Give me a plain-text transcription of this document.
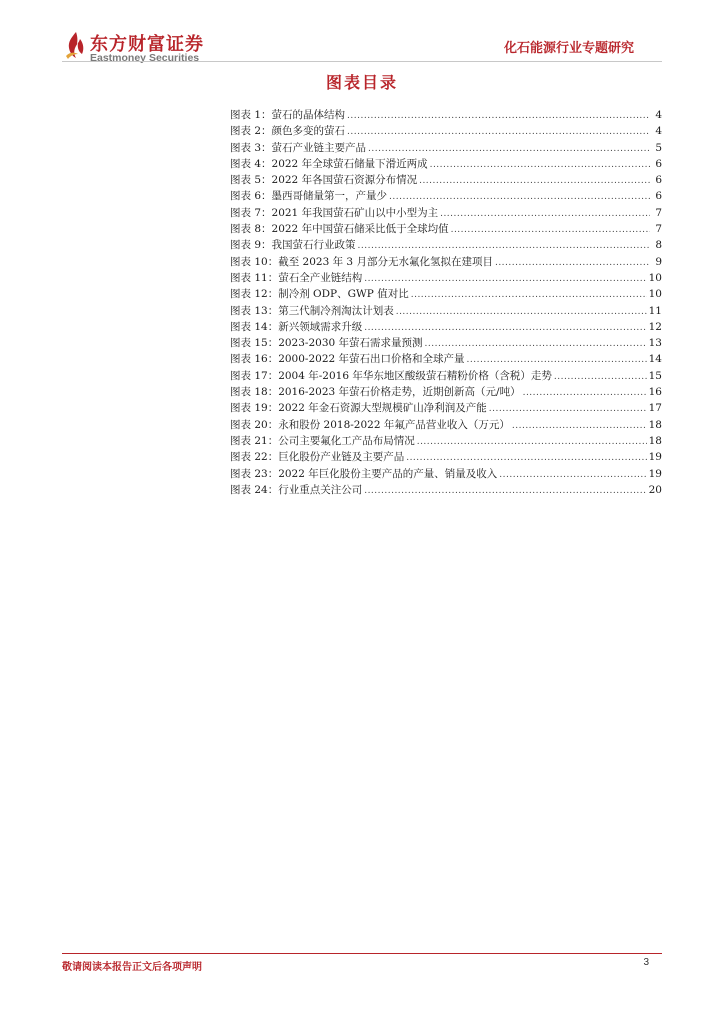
东方财富证券
Eastmoney Securities
化石能源行业专题研究
图表目录
图表 1：萤石的晶体结构 .....	4
图表 2：颜色多变的萤石 .....	4
图表 3：萤石产业链主要产品 .....	5
图表 4：2022 年全球萤石储量下滑近两成 .....	6
图表 5：2022 年各国萤石资源分布情况 .....	6
图表 6：墨西哥储量第一，产量少 .....	6
图表 7：2021 年我国萤石矿山以中小型为主 .....	7
图表 8：2022 年中国萤石储采比低于全球均值 .....	7
图表 9：我国萤石行业政策 .....	8
图表 10：截至 2023 年 3 月部分无水氟化氢拟在建项目 .....	9
图表 11：萤石全产业链结构 .....	10
图表 12：制冷剂 ODP、GWP 值对比 .....	10
图表 13：第三代制冷剂淘汰计划表 .....	11
图表 14：新兴领域需求升级 .....	12
图表 15：2023-2030 年萤石需求量预测 .....	13
图表 16：2000-2022 年萤石出口价格和全球产量 .....	14
图表 17：2004 年-2016 年华东地区酸级萤石精粉价格（含税）走势 .....	15
图表 18：2016-2023 年萤石价格走势，近期创新高（元/吨） .....	16
图表 19：2022 年金石资源大型规模矿山净利润及产能 .....	17
图表 20：永和股份 2018-2022 年氟产品营业收入（万元） .....	18
图表 21：公司主要氟化工产品布局情况 .....	18
图表 22：巨化股份产业链及主要产品 .....	19
图表 23：2022 年巨化股份主要产品的产量、销量及收入 .....	19
图表 24：行业重点关注公司 .....	20
敬请阅读本报告正文后各项声明	3
